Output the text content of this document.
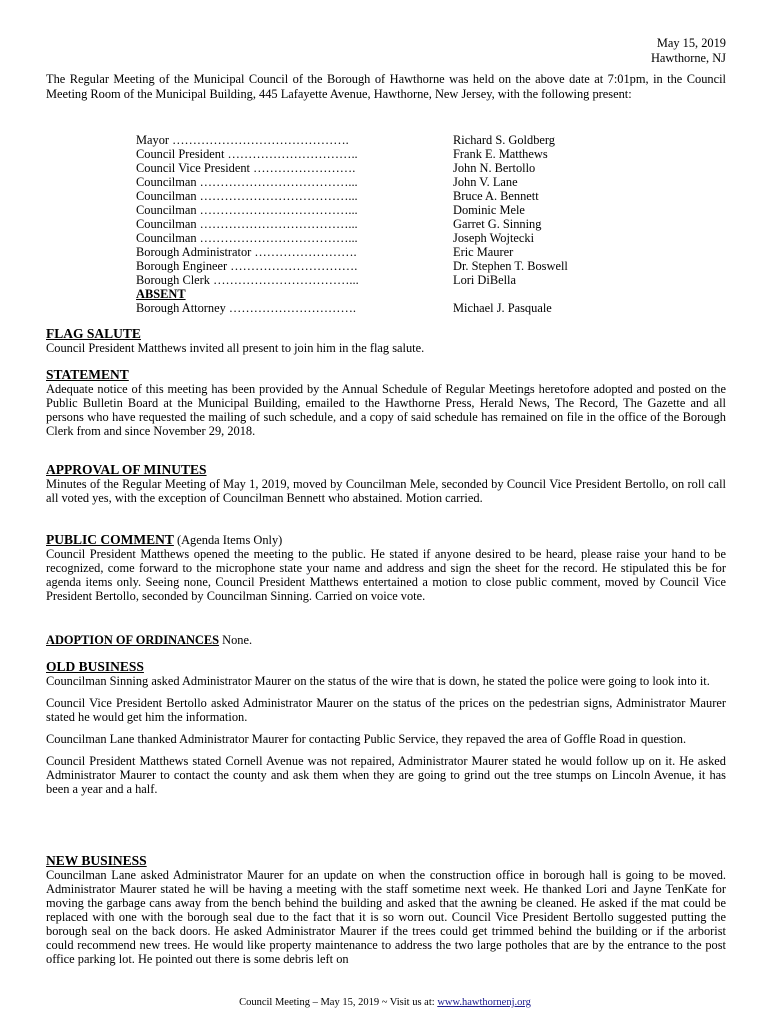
May 15, 2019
Hawthorne, NJ

The Regular Meeting of the Municipal Council of the Borough of Hawthorne was held on the above date at 7:01pm, in the Council Meeting Room of the Municipal Building, 445 Lafayette Avenue, Hawthorne, New Jersey, with the following present:

Mayor …………………………………….	Richard S. Goldberg
Council President …………………………..	Frank E. Matthews
Council Vice President …………………….	John N. Bertollo
Councilman ………………………………...	John V. Lane
Councilman ………………………………...	Bruce A. Bennett
Councilman ………………………………...	Dominic Mele
Councilman ………………………………...	Garret G. Sinning
Councilman ………………………………...	Joseph Wojtecki
Borough Administrator …………………….	Eric Maurer
Borough Engineer ………………………….	Dr. Stephen T. Boswell
Borough Clerk ……………………………...	Lori DiBella
ABSENT
Borough Attorney ………………………….	Michael J. Pasquale
FLAG SALUTE

Council President Matthews invited all present to join him in the flag salute.

STATEMENT

Adequate notice of this meeting has been provided by the Annual Schedule of Regular Meetings heretofore adopted and posted on the Public Bulletin Board at the Municipal Building, emailed to the Hawthorne Press, Herald News, The Record, The Gazette and all persons who have requested the mailing of such schedule, and a copy of said schedule has remained on file in the office of the Borough Clerk from and since November 29, 2018.

APPROVAL OF MINUTES

Minutes of the Regular Meeting of May 1, 2019, moved by Councilman Mele, seconded by Council Vice President Bertollo, on roll call all voted yes, with the exception of Councilman Bennett who abstained. Motion carried.

PUBLIC COMMENT (Agenda Items Only)

Council President Matthews opened the meeting to the public. He stated if anyone desired to be heard, please raise your hand to be recognized, come forward to the microphone state your name and address and sign the sheet for the record. He stipulated this be for agenda items only. Seeing none, Council President Matthews entertained a motion to close public comment, moved by Council Vice President Bertollo, seconded by Councilman Sinning. Carried on voice vote.

ADOPTION OF ORDINANCES None.
OLD BUSINESS

Councilman Sinning asked Administrator Maurer on the status of the wire that is down, he stated the police were going to look into it.

Council Vice President Bertollo asked Administrator Maurer on the status of the prices on the pedestrian signs, Administrator Maurer stated he would get him the information.

Councilman Lane thanked Administrator Maurer for contacting Public Service, they repaved the area of Goffle Road in question.

Council President Matthews stated Cornell Avenue was not repaired, Administrator Maurer stated he would follow up on it. He asked Administrator Maurer to contact the county and ask them when they are going to grind out the tree stumps on Lincoln Avenue, it has been a year and a half.

NEW BUSINESS

Councilman Lane asked Administrator Maurer for an update on when the construction office in borough hall is going to be moved. Administrator Maurer stated he will be having a meeting with the staff sometime next week. He thanked Lori and Jayne TenKate for moving the garbage cans away from the bench behind the building and asked that the awning be cleaned. He asked if the mat could be replaced with one with the borough seal due to the fact that it is so worn out. Council Vice President Bertollo suggested putting the borough seal on the back doors. He asked Administrator Maurer if the trees could get trimmed behind the building or if the arborist could recommend new trees. He would like property maintenance to address the two large potholes that are by the entrance to the post office parking lot. He pointed out there is some debris left on

Council Meeting – May 15, 2019 ~ Visit us at: www.hawthornenj.org
